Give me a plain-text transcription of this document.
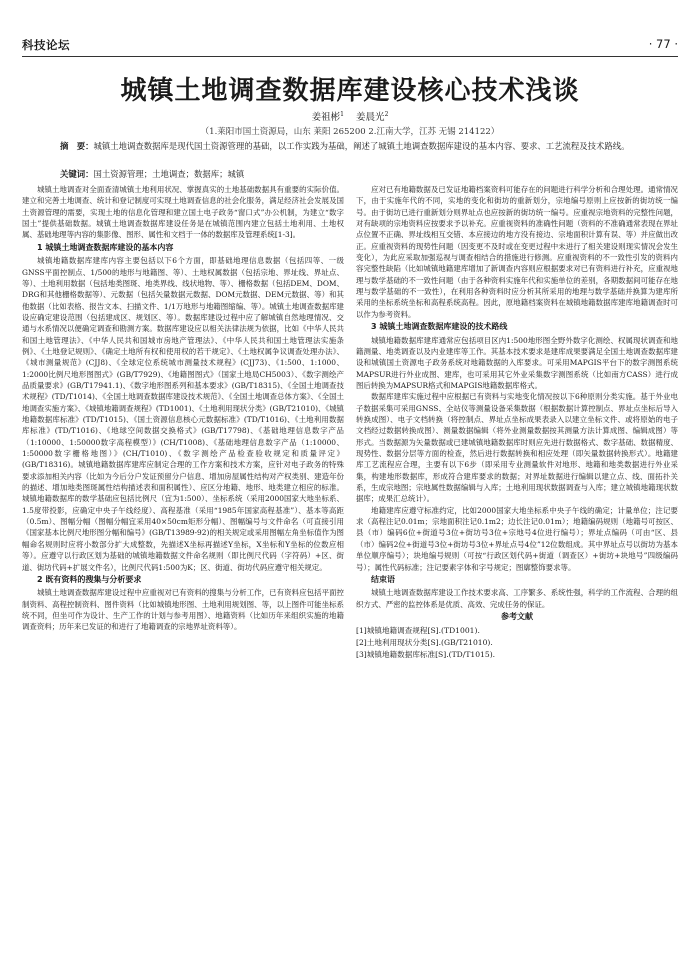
科技论坛	· 77 ·
城镇土地调查数据库建设核心技术浅谈
姜祖彬$^1$ 姜晨光$^2$
（1.莱阳市国土资源局，山东 莱阳 265200 2.江南大学，江苏 无锡 214122）
摘　要：城镇土地调查数据库是现代国土资源管理的基础，以工作实践为基础，阐述了城镇土地调查数据库建设的基本内容、要求、工艺流程及技术路线。
关键词：国土资源管理；土地调查；数据库；城镇

城镇土地调查对全面查清城镇土地利用状况、掌握真实的土地基础数据具有重要的实际价值。建立和完善土地调查、统计和登记制度可实现土地调查信息的社会化服务，满足经济社会发展及国土资源管理的需要，实现土地的信息化管理和建立国土电子政务“窗口式”办公机制，为建立“数字国土”提供基础数据。城镇土地调查数据库建设任务是在城镇范围内建立包括土地利用、土地权属、基础地理等内容的集影像、图形、属性和文档于一体的数据库及管理系统[1-3]。

1 城镇土地调查数据库建设的基本内容

城镇地籍数据库建库内容主要包括以下6个方面，即基础地理信息数据（包括四等、一级GNSS平面控制点、1/500的地形与地籍图、等）、土地权属数据（包括宗地、界址线、界址点、等）、土地利用数据（包括地类图斑、地类界线、线状地物、等）、栅格数据（包括DEM、DOM、DRG和其他栅格数据等）、元数据（包括矢量数据元数据、DOM元数据、DEM元数据、等）和其他数据（比如表格、报告文本、扫描文件、1/1万地形与地籍图缩编、等）。城镇土地调查数据库建设应确定建设范围（包括建成区、规划区、等）。数据库建设过程中应了解城镇自然地理情况、交通与水系情况以便确定调查和勘测方案。数据库建设应以相关法律法规为依据，比如《中华人民共和国土地管理法》、《中华人民共和国城市房地产管理法》、《中华人民共和国土地管理法实施条例》、《土地登记规则》、《确定土地所有权和使用权的若干规定》、《土地权属争议调查处理办法》、《城市测量规范》(CJJ8)、《全球定位系统城市测量技术规程》(CJJ73)、《1:500、1:1000、1:2000比例尺地形图图式》(GB/T7929)、《地籍图图式》（国家土地局CH5003）、《数字测绘产品质量要求》(GB/T17941.1)、《数字地形图系列和基本要求》(GB/T18315)、《全国土地调查技术规程》(TD/T1014)、《全国土地调查数据库建设技术规范》、《全国土地调查总体方案》、《全国土地调查实施方案》、《城镇地籍调查规程》(TD1001)、《土地利用现状分类》(GB/T21010)、《城镇地籍数据库标准》(TD/T1015)、《国土资源信息核心元数据标准》(TD/T1016)、《土地利用数据库标准》(TD/T1016)、《地球空间数据交换格式》(GB/T17798)、《基础地理信息数字产品（1:10000、1:50000数字高程模型）》(CH/T1008)、《基础地理信息数字产品（1:10000、1:50000数字栅格地图）》(CH/T1010)、《数字测绘产品检查验收规定和质量评定》(GB/T18316)。城镇地籍数据库建库应制定合理的工作方案和技术方案，应针对电子政务的特殊要求添加相关内容（比如为今后分户发证预留分户信息、增加房屋属性结构对产权类别、建造年份的描述、增加地类图斑属性结构描述表和面积属性）、应区分地籍、地形、地类建立相应的标准。城镇地籍数据库的数学基础应包括比例尺（宜为1:500）、坐标系统（采用2000国家大地坐标系、1.5度带投影，应确定中央子午线经度）、高程基准（采用“1985年国家高程基准”）、基本等高距（0.5m）、图幅分幅（图幅分幅宜采用40×50cm矩形分幅）、图幅编号与文件命名（可直接引用《国家基本比例尺地形图分幅和编号》(GB/T13989-92)的相关规定或采用图幅左角坐标值作为图幅命名规则时应将小数部分扩大成整数，先描述X坐标再描述Y坐标，X坐标和Y坐标的位数应相等）。应遵守以行政区划为基础的城镇地籍数据文件命名规则（即比例尺代码（字符码）+区、街道、街坊代码+扩展文件名），比例尺代码1:500为K；区、街道、街坊代码应遵守相关规定。

2 既有资料的搜集与分析要求

城镇土地调查数据库建设过程中应重视对已有资料的搜集与分析工作，已有资料应包括平面控制资料、高程控制资料、图件资料（比如城镇地形图、土地利用规划图、等，以上图件可能坐标系统不同，但坐可作为设计、生产工作的计划与参考用图）、地籍资料（比如历年来组织实施的地籍调查资料；历年来已发证的和进行了地籍调查的宗地界址资料等）。

应对已有地籍数据及已发证地籍档案资料可能存在的问题进行科学分析和合理处理。通常情况下，由于实施年代的不同，实地的变化和街坊的重新划分，宗地编号原则上应按新的街坊统一编号。由于街坊已进行重新划分则界址点也应按新的街坊统一编号。应重视宗地资料的完整性问题，对有缺项的宗地资料应按要求予以补充。应重视资料的准确性问题（资料的不准确通常表现在界址点位置不正确、界址线相互交错、本应接边的地方没有接边、宗地面积计算有误、等）并应做出改正。应重视资料的现势性问题（因变更不及时或在变更过程中未进行了相关建设则现实情况会发生变化），为此应采取加强巡视与调查相结合的措施进行修测。应重视资料的不一致性引发的资料内容完整性缺陷（比如城镇地籍建库增加了新调查内容则应根据要求对已有资料进行补充，应重视地理与数学基础的不一致性问题（由于各种资料实施年代和实施单位的差别，各期数据间可能存在地理与数学基础的不一致性），在利用各种资料时应分析其所采用的地理与数学基础并换算为建库所采用的坐标系统坐标和高程系统高程。因此，原地籍档案资料在城镇地籍数据库建库地籍调查时可以作为参考资料。

3 城镇土地调查数据库建设的技术路线

城镇地籍数据库建库通常应包括项目区内1:500地形图全野外数字化测绘、权属现状调查和地籍测量、地类调查以及内业建库等工作。其基本技术要求是建库成果要满足全国土地调查数据库建设和城镇国土资源电子政务系统对地籍数据的入库要求。可采用MAPGIS平台下的数字测图系统MAPSUR进行外业成图、建库，也可采用其它外业采集数字测图系统（比如南方CASS）进行成图后转换为MAPSUR格式和MAPGIS地籍数据库格式。

数据库建库实施过程中应根据已有资料与实地变化情况按以下6种原则分类实施。基于外业电子数据采集可采用GNSS、全站仪等测量设备采集数据（根据数据计算控制点、界址点坐标后导入转换成图）、电子文档转换（将控制点、界址点坐标成果表录入以建立坐标文件、或将原始的电子文档经过数据转换成图）、测量数据编辑（将外业测量数据按其测量方法计算成图、编辑成图）等形式。当数据源为矢量数据或已建城镇地籍数据库时则应先进行数据格式、数字基础、数据精度、现势性、数据分层等方面的检查，然后进行数据转换和相应处理（即矢量数据转换形式）。地籍建库工艺流程应合理，主要有以下6步（即采用专业测量软件对地形、地籍和地类数据进行外业采集，构建地形数据库，形成符合建库要求的数据；对界址数据进行编辑以建立点、线、面拓扑关系，生成宗地图；宗地属性数据编辑与入库；土地利用现状数据调查与入库；建立城镇地籍现状数据库；成果汇总统计）。

地籍建库应遵守标准约定，比如2000国家大地坐标系中央子午线的确定；计量单位；注记要求（高程注记0.01m；宗地面积注记0.1m2；边长注记0.01m）；地籍编码规则（地籍号可按区、县（市）编码6位+街道号3位+街坊号3位+宗地号4位进行编号）；界址点编码（可由“区、县（市）编码2位+街道号3位+街坊号3位+界址点号4位”12位数组成。其中界址点号以街坊为基本单位顺序编号）；块地编号规则（可按“行政区划代码+街道（调查区）+街坊+块地号”四级编码号）；属性代码标准；注记要素字体和字号规定；图廓整饰要求等。

结束语

城镇土地调查数据库建设工作技术要求高、工序繁多、系统性强，科学的工作流程、合理的组织方式、严密的监控体系是优质、高效、完成任务的保证。

参考文献
[1]城镇地籍调查规程[S].(TD1001).
[2]土地利用现状分类[S].(GB/T21010).
[3]城镇地籍数据库标准[S].(TD/T1015).
